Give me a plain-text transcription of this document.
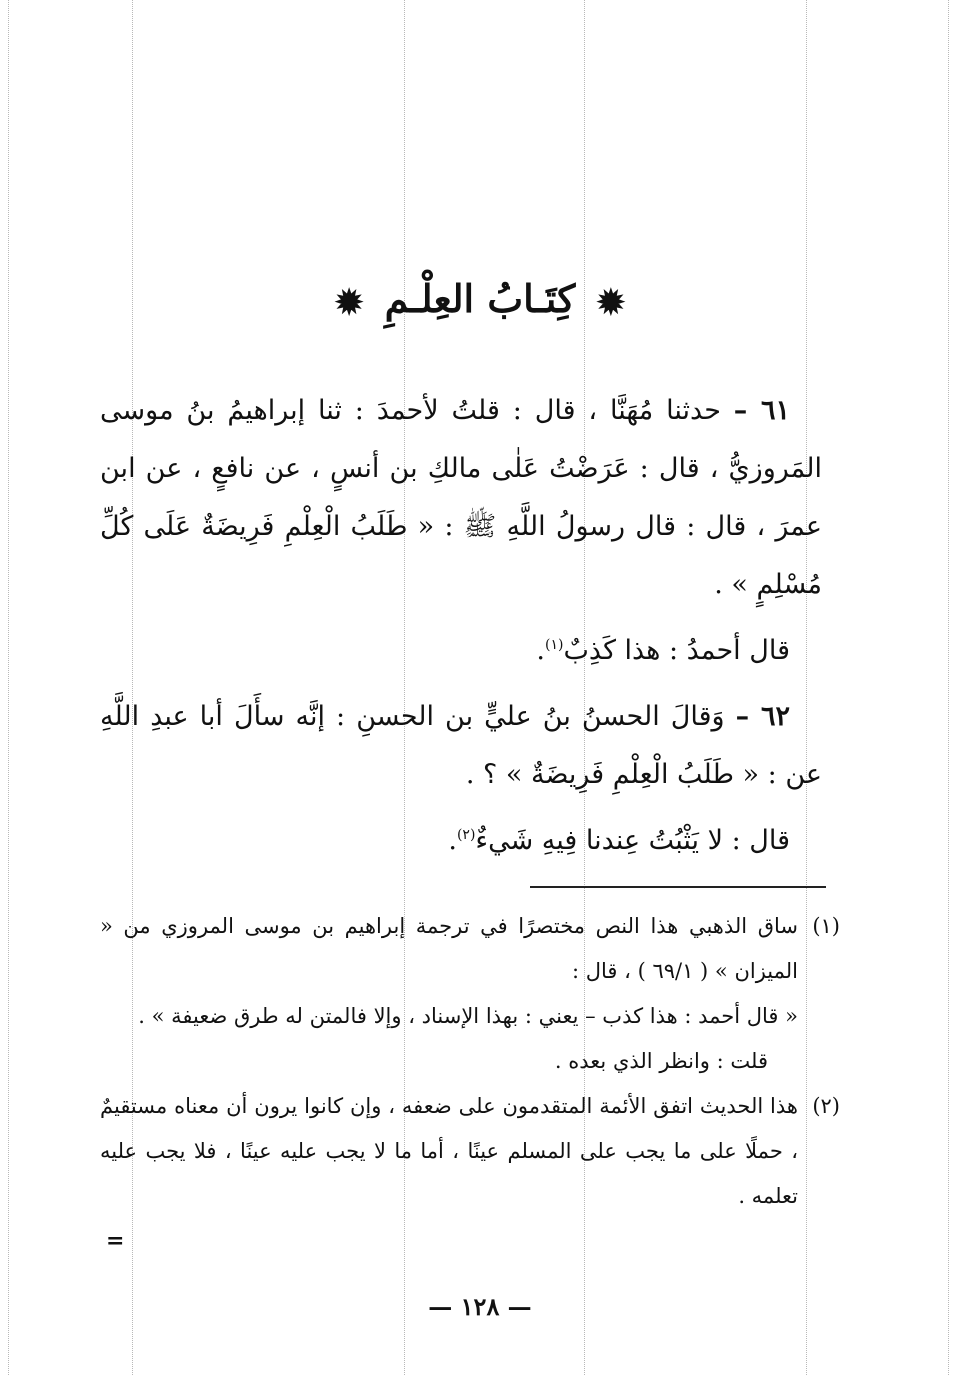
✹ كِتَـابُ العِلْـمِ ✹

٦١ – حدثنا مُهَنَّا ، قال : قلتُ لأحمدَ : ثنا إبراهيمُ بنُ موسى المَروزيُّ ، قال : عَرَضْتُ عَلٰى مالكِ بن أنسٍ ، عن نافعٍ ، عن ابن عمرَ ، قال : قال رسولُ اللَّهِ ﷺ : « طَلَبُ الْعِلْمِ فَرِيضَةٌ عَلَى كُلِّ مُسْلِمٍ » .

قال أحمدُ : هذا كَذِبٌ$^{(١)}$.

٦٢ – وَقالَ الحسنُ بنُ عليٍّ بن الحسنِ : إنَّه سأَلَ أبا عبدِ اللَّهِ عن : « طَلَبُ الْعِلْمِ فَرِيضَةٌ » ؟ .

قال : لا يَثْبُتُ عِندنا فِيهِ شَيءٌ$^{(٢)}$.

(١)

ساق الذهبي هذا النص مختصرًا في ترجمة إبراهيم بن موسى المروزي من « الميزان » ( ٦٩/١ ) ، قال :

« قال أحمد : هذا كذب – يعني : بهذا الإسناد ، وإلا فالمتن له طرق ضعيفة » .

قلت : وانظر الذي بعده .

(٢)

هذا الحديث اتفق الأئمة المتقدمون على ضعفه ، وإن كانوا يرون أن معناه مستقيمٌ ، حملًا على ما يجب على المسلم عينًا ، أما ما لا يجب عليه عينًا ، فلا يجب عليه تعلمه .

=
— ١٢٨ —
